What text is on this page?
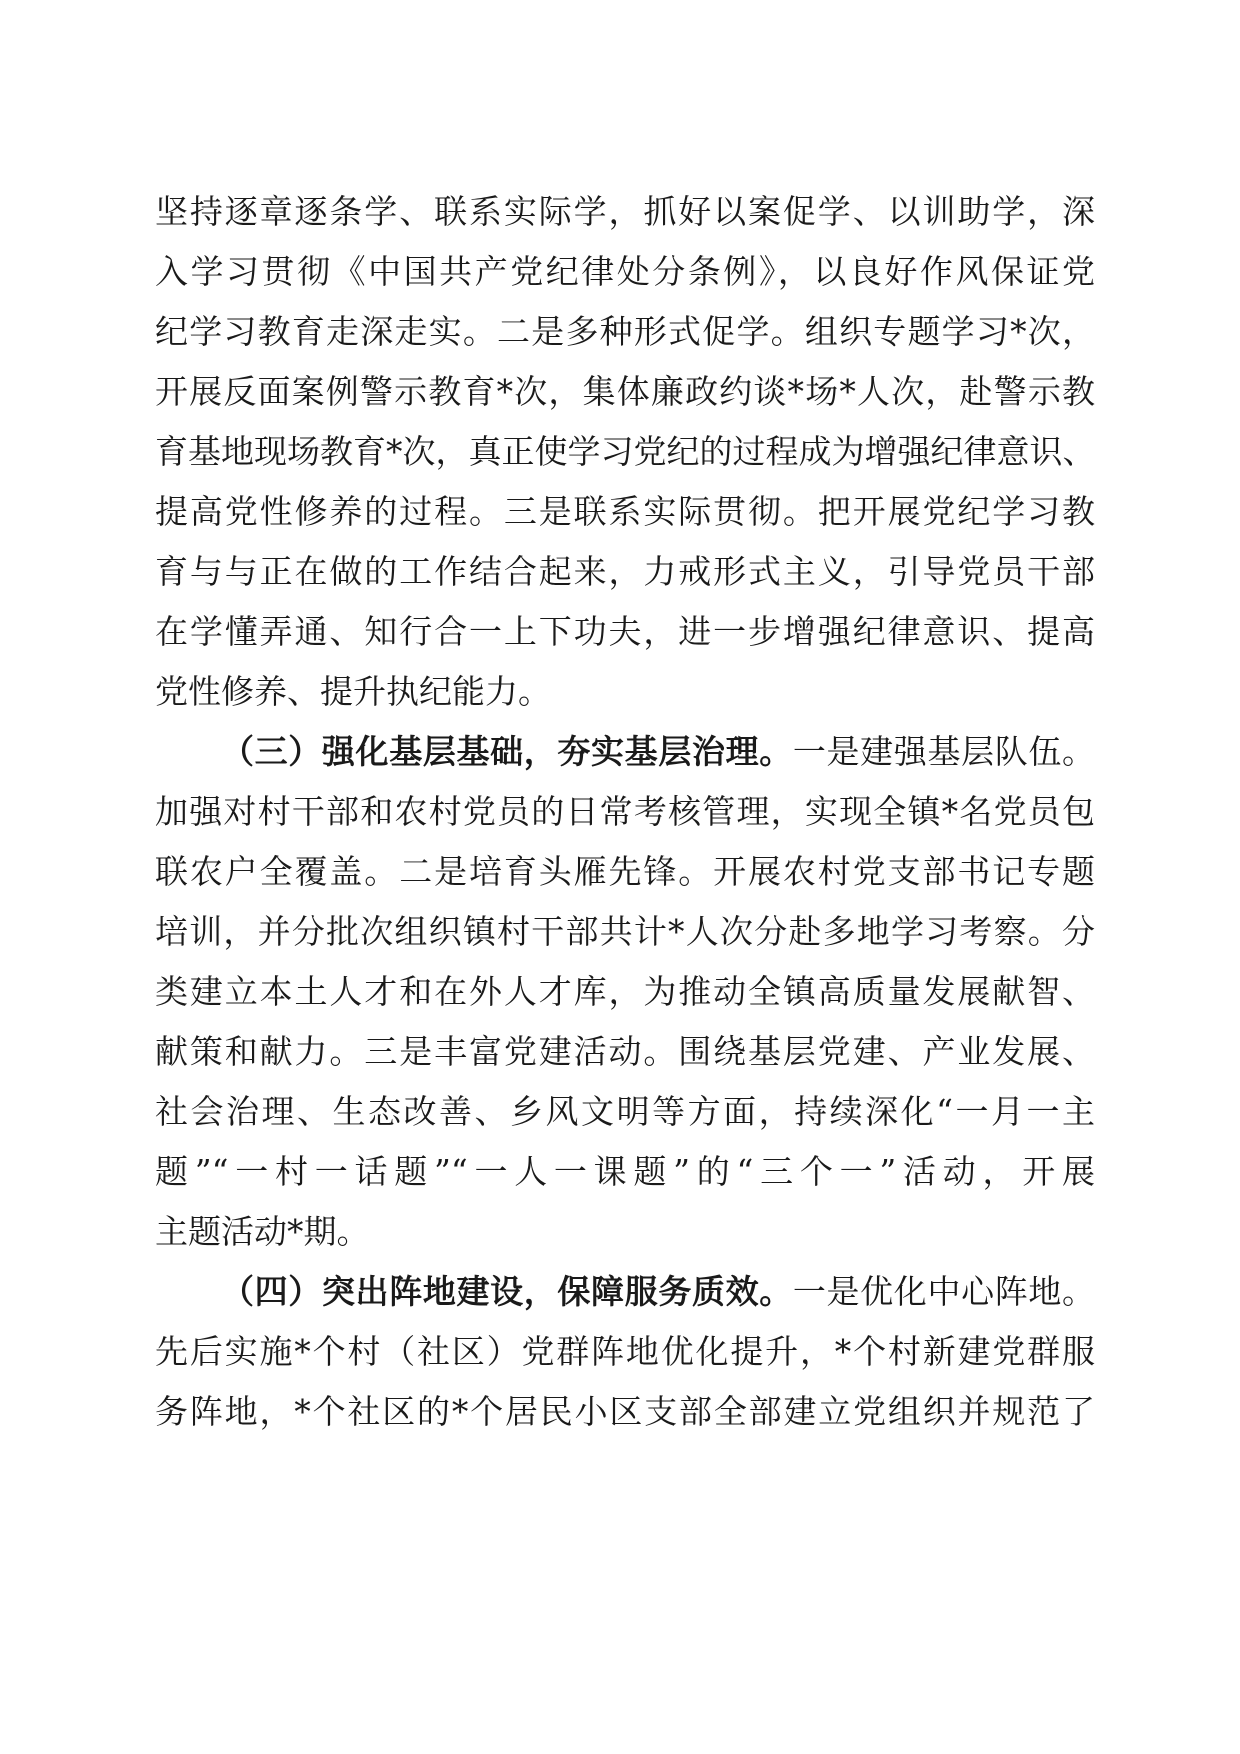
坚持逐章逐条学、联系实际学，抓好以案促学、以训助学，深
入学习贯彻《中国共产党纪律处分条例》，以良好作风保证党
纪学习教育走深走实。二是多种形式促学。组织专题学习*次，
开展反面案例警示教育*次，集体廉政约谈*场*人次，赴警示教
育基地现场教育*次，真正使学习党纪的过程成为增强纪律意识、
提高党性修养的过程。三是联系实际贯彻。把开展党纪学习教
育与与正在做的工作结合起来，力戒形式主义，引导党员干部
在学懂弄通、知行合一上下功夫，进一步增强纪律意识、提高
党性修养、提升执纪能力。
（三）强化基层基础，夯实基层治理。一是建强基层队伍。
加强对村干部和农村党员的日常考核管理，实现全镇*名党员包
联农户全覆盖。二是培育头雁先锋。开展农村党支部书记专题
培训，并分批次组织镇村干部共计*人次分赴多地学习考察。分
类建立本土人才和在外人才库，为推动全镇高质量发展献智、
献策和献力。三是丰富党建活动。围绕基层党建、产业发展、
社会治理、生态改善、乡风文明等方面，持续深化“一月一主
题”“一村一话题”“一人一课题”的“三个一”活动，开展
主题活动*期。
（四）突出阵地建设，保障服务质效。一是优化中心阵地。
先后实施*个村（社区）党群阵地优化提升，*个村新建党群服
务阵地，*个社区的*个居民小区支部全部建立党组织并规范了
